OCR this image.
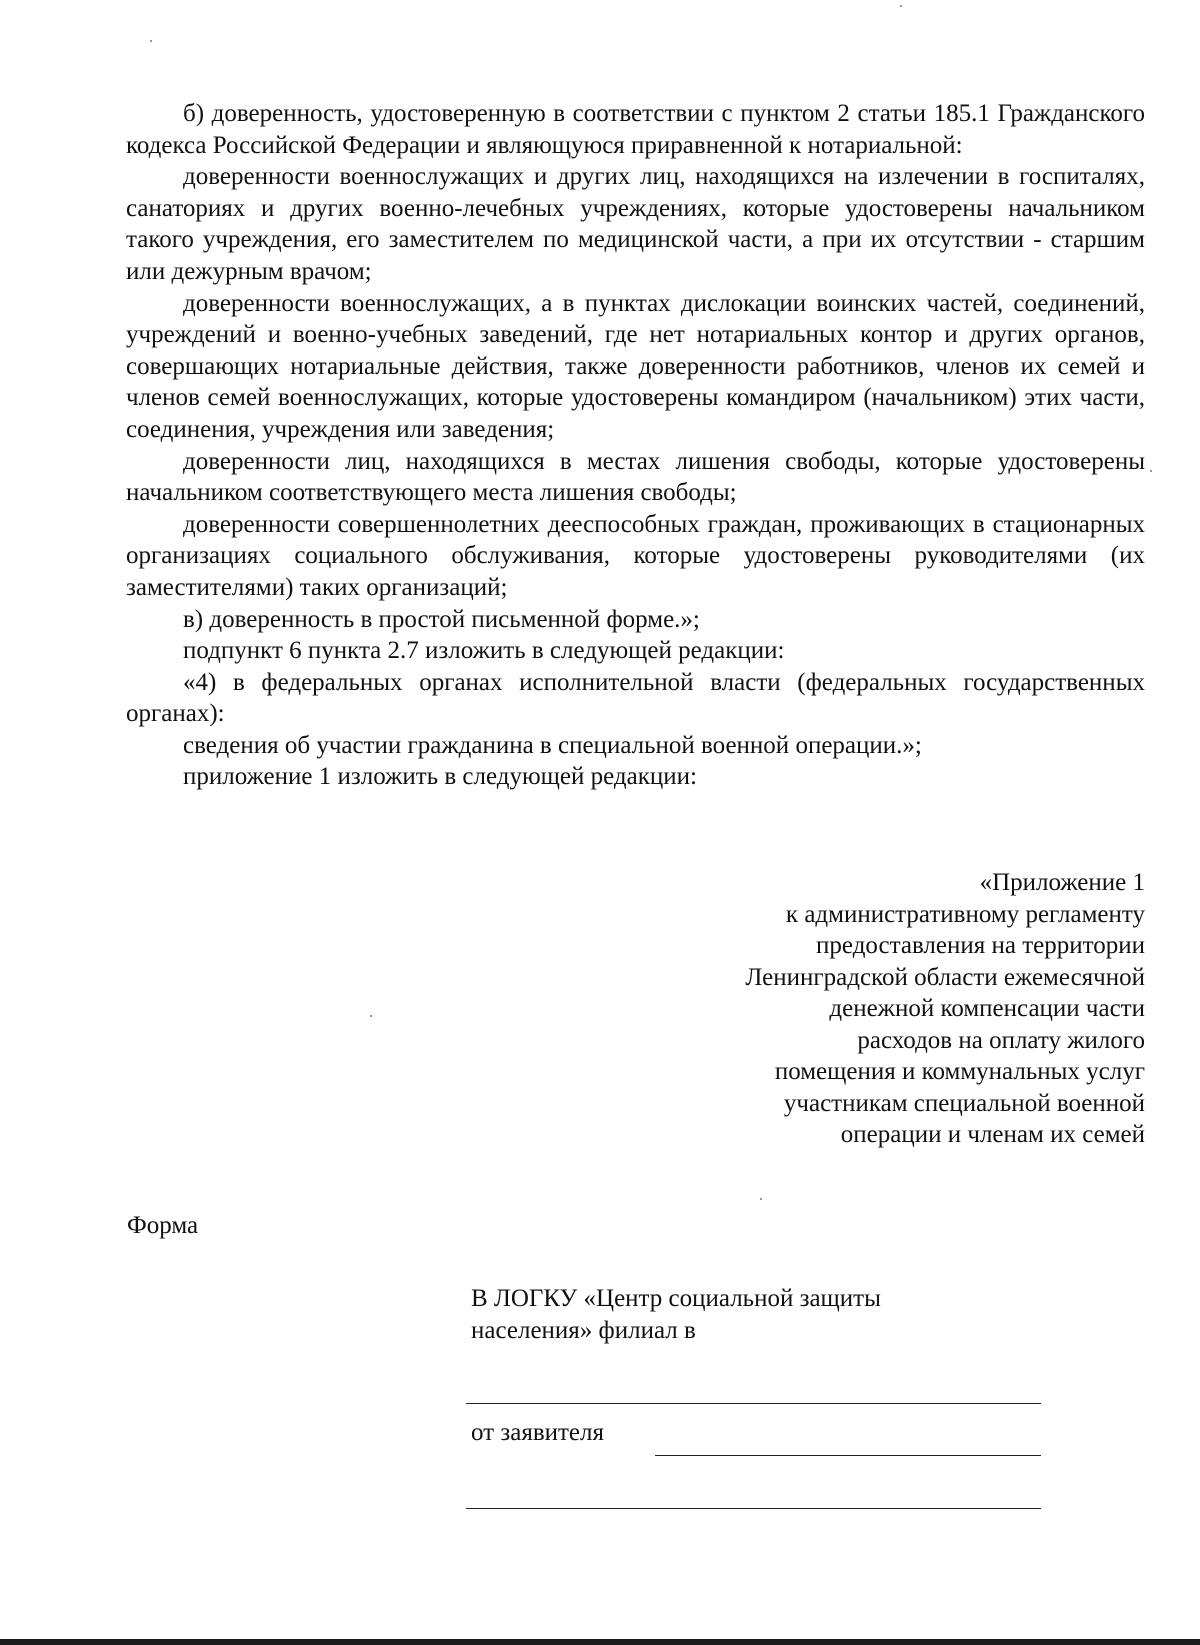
б) доверенность, удостоверенную в соответствии с пунктом 2 статьи 185.1 Гражданского кодекса Российской Федерации и являющуюся приравненной к нотариальной:

доверенности военнослужащих и других лиц, находящихся на излечении в госпиталях, санаториях и других военно-лечебных учреждениях, которые удостоверены начальником такого учреждения, его заместителем по медицинской части, а при их отсутствии - старшим или дежурным врачом;

доверенности военнослужащих, а в пунктах дислокации воинских частей, соединений, учреждений и военно-учебных заведений, где нет нотариальных контор и других органов, совершающих нотариальные действия, также доверенности работников, членов их семей и членов семей военнослужащих, которые удостоверены командиром (начальником) этих части, соединения, учреждения или заведения;

доверенности лиц, находящихся в местах лишения свободы, которые удостоверены начальником соответствующего места лишения свободы;

доверенности совершеннолетних дееспособных граждан, проживающих в стационарных организациях социального обслуживания, которые удостоверены руководителями (их заместителями) таких организаций;

в) доверенность в простой письменной форме.»;

подпункт 6 пункта 2.7 изложить в следующей редакции:

«4) в федеральных органах исполнительной власти (федеральных государственных органах):

сведения об участии гражданина в специальной военной операции.»;

приложение 1 изложить в следующей редакции:

«Приложение 1
к административному регламенту
предоставления на территории
Ленинградской области ежемесячной
денежной компенсации части
расходов на оплату жилого
помещения и коммунальных услуг
участникам специальной военной
операции и членам их семей
Форма
В ЛОГКУ «Центр социальной защиты
населения» филиал в
от заявителя
